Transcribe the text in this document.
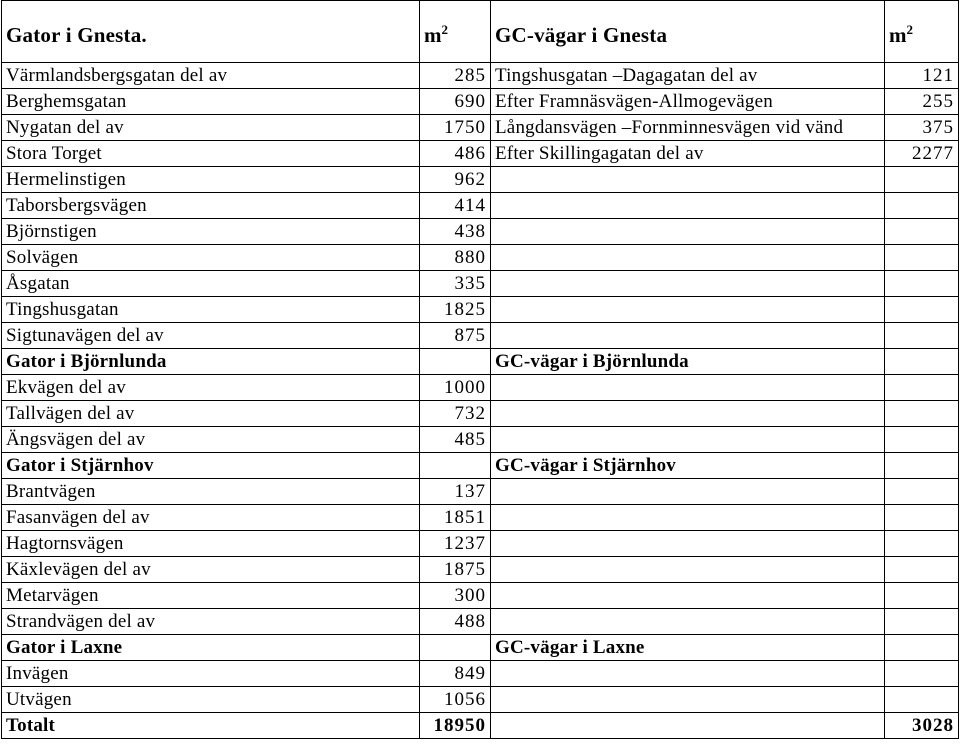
Gator i Gnesta.	$m^2$	GC-vägar i Gnesta	$m^2$
Värmlandsbergsgatan del av	285	Tingshusgatan –Dagagatan del av	121
Berghemsgatan	690	Efter Framnäsvägen-Allmogevägen	255
Nygatan del av	1750	Långdansvägen –Fornminnesvägen vid vänd	375
Stora Torget	486	Efter Skillingagatan del av	2277
Hermelinstigen	962		
Taborsbergsvägen	414		
Björnstigen	438		
Solvägen	880		
Åsgatan	335		
Tingshusgatan	1825		
Sigtunavägen del av	875		
Gator i Björnlunda		GC-vägar i Björnlunda	
Ekvägen del av	1000		
Tallvägen del av	732		
Ängsvägen del av	485		
Gator i Stjärnhov		GC-vägar i Stjärnhov	
Brantvägen	137		
Fasanvägen del av	1851		
Hagtornsvägen	1237		
Käxlevägen del av	1875		
Metarvägen	300		
Strandvägen del av	488		
Gator i Laxne		GC-vägar i Laxne	
Invägen	849		
Utvägen	1056		
Totalt	18950		3028
